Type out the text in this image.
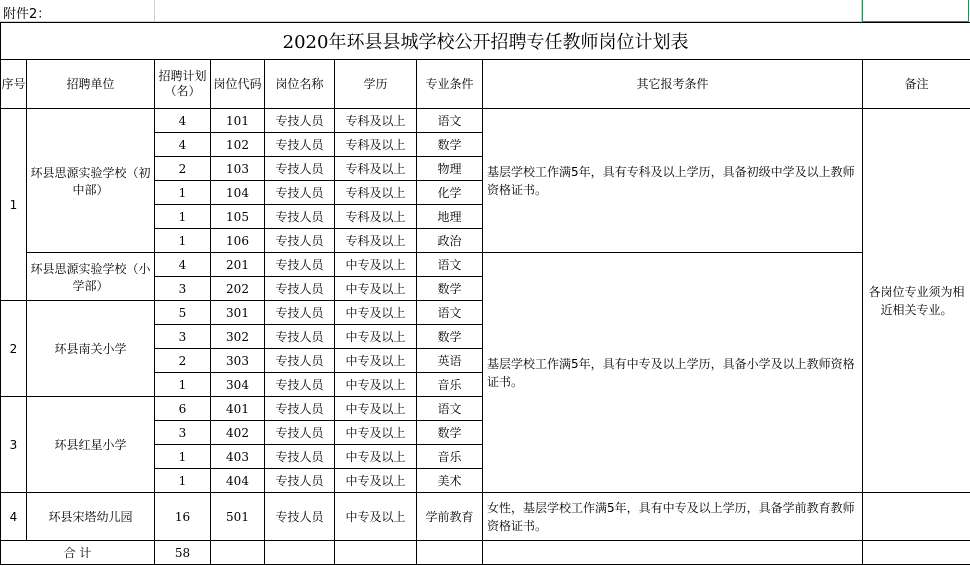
附件2：
2020年环县县城学校公开招聘专任教师岗位计划表								
序号	招聘单位	招聘计划（名）	岗位代码	岗位名称	学历	专业条件	其它报考条件	备注
1	环县思源实验学校（初中部）	4	101	专技人员	专科及以上	语文	基层学校工作满5年，具有专科及以上学历，具备初级中学及以上教师资格证书。	各岗位专业须为相近相关专业。
		4	102	专技人员	专科及以上	数学		
		2	103	专技人员	专科及以上	物理		
		1	104	专技人员	专科及以上	化学		
		1	105	专技人员	专科及以上	地理		
		1	106	专技人员	专科及以上	政治		
	环县思源实验学校（小学部）	4	201	专技人员	中专及以上	语文	基层学校工作满5年，具有中专及以上学历，具备小学及以上教师资格证书。	
		3	202	专技人员	中专及以上	数学		
2	环县南关小学	5	301	专技人员	中专及以上	语文		
		3	302	专技人员	中专及以上	数学		
		2	303	专技人员	中专及以上	英语		
		1	304	专技人员	中专及以上	音乐		
3	环县红星小学	6	401	专技人员	中专及以上	语文		
		3	402	专技人员	中专及以上	数学		
		1	403	专技人员	中专及以上	音乐		
		1	404	专技人员	中专及以上	美术		
4	环县宋塔幼儿园	16	501	专技人员	中专及以上	学前教育	女性，基层学校工作满5年，具有中专及以上学历，具备学前教育教师资格证书。	
合 计		58						
